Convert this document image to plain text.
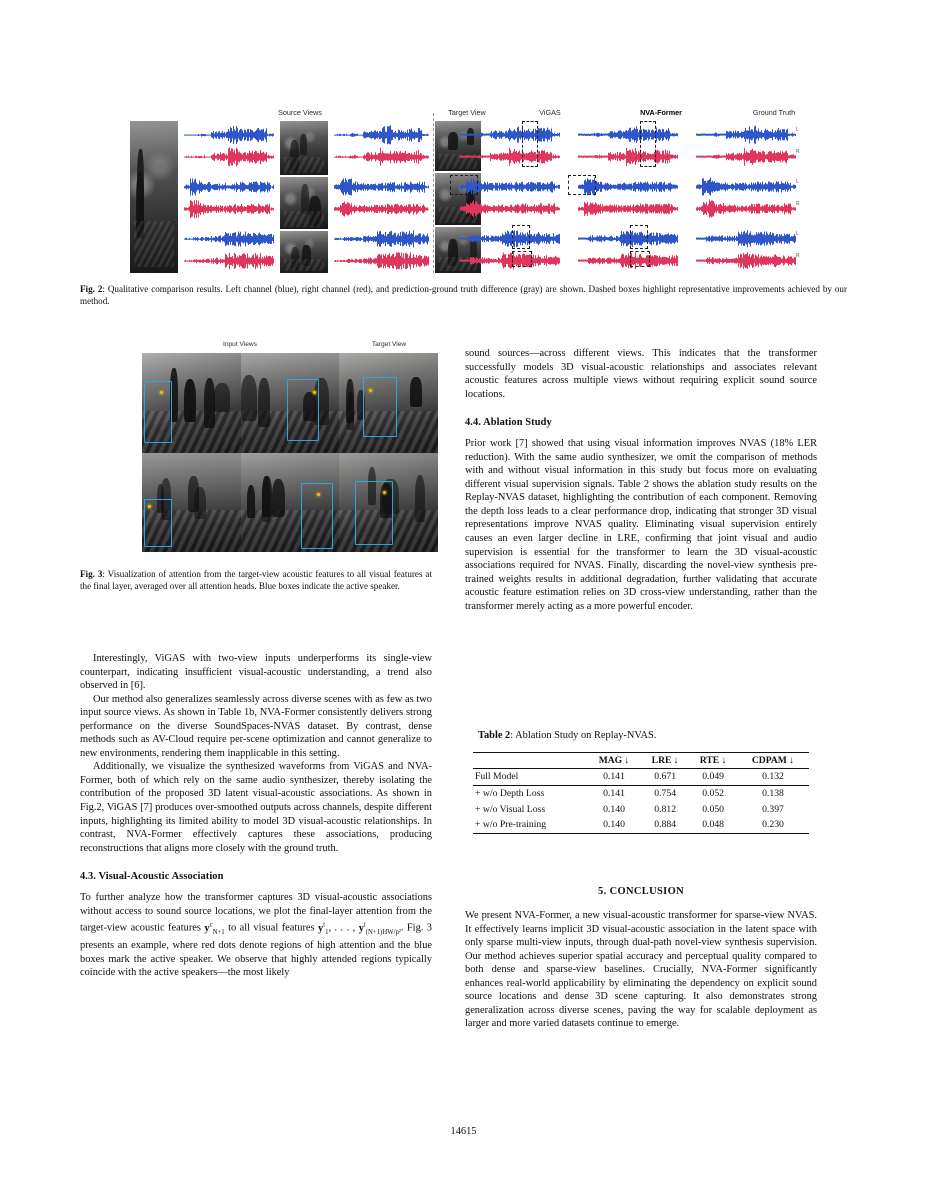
Source Views	Target View	ViGAS	NVA-Former	Ground Truth
L
R
L
R
L
R
Fig. 2: Qualitative comparison results. Left channel (blue), right channel (red), and prediction-ground truth difference (gray) are shown. Dashed boxes highlight representative improvements achieved by our method.
Input Views	Target View
Fig. 3: Visualization of attention from the target-view acoustic features to all visual features at the final layer, averaged over all attention heads. Blue boxes indicate the active speaker.

Interestingly, ViGAS with two-view inputs underperforms its single-view counterpart, indicating insufficient visual-acoustic understanding, a trend also observed in [6].

Our method also generalizes seamlessly across diverse scenes with as few as two input source views. As shown in Table 1b, NVA-Former consistently delivers strong performance on the diverse SoundSpaces-NVAS dataset. By contrast, dense methods such as AV-Cloud require per-scene optimization and cannot generalize to new environments, rendering them inapplicable in this setting.

Additionally, we visualize the synthesized waveforms from ViGAS and NVA-Former, both of which rely on the same audio synthesizer, thereby isolating the contribution of the proposed 3D latent visual-acoustic associations. As shown in Fig.2, ViGAS [7] produces over-smoothed outputs across channels, despite different inputs, highlighting its limited ability to model 3D visual-acoustic relationships. In contrast, NVA-Former effectively captures these associations, producing reconstructions that aligns more closely with the ground truth.

4.3. Visual-Acoustic Association

To further analyze how the transformer captures 3D visual-acoustic associations without access to sound source locations, we plot the final-layer attention from the target-view acoustic features $y^c_{N+1}$ to all visual features $y^t_1$, . . . , $y^t_{(N+1)HW/p^2}$. Fig. 3 presents an example, where red dots denote regions of high attention and the blue boxes mark the active speaker. We observe that highly attended regions typically coincide with the active speakers—the most likely

sound sources—across different views. This indicates that the transformer successfully models 3D visual-acoustic relationships and associates relevant acoustic features across multiple views without requiring explicit sound source locations.

4.4. Ablation Study

Prior work [7] showed that using visual information improves NVAS (18% LER reduction). With the same audio synthesizer, we omit the comparison of methods with and without visual information in this study but focus more on evaluating different visual supervision signals. Table 2 shows the ablation study results on the Replay-NVAS dataset, highlighting the contribution of each component. Removing the depth loss leads to a clear performance drop, indicating that stronger 3D visual representations improve NVAS quality. Eliminating visual supervision entirely causes an even larger decline in LRE, confirming that joint visual and audio supervision is essential for the transformer to learn the 3D visual-acoustic associations required for NVAS. Finally, discarding the novel-view synthesis pre-trained weights results in additional degradation, further validating that accurate acoustic feature estimation relies on 3D cross-view understanding, rather than the transformer merely acting as a more powerful encoder.

Table 2: Ablation Study on Replay-NVAS.

	MAG ↓	LRE ↓	RTE ↓	CDPAM ↓
Full Model	0.141	0.671	0.049	0.132
+ w/o Depth Loss	0.141	0.754	0.052	0.138
+ w/o Visual Loss	0.140	0.812	0.050	0.397
+ w/o Pre-training	0.140	0.884	0.048	0.230
5. CONCLUSION

We present NVA-Former, a new visual-acoustic transformer for sparse-view NVAS. It effectively learns implicit 3D visual-acoustic association in the latent space with only sparse multi-view inputs, through dual-path novel-view synthesis supervision. Our method achieves superior spatial accuracy and perceptual quality compared to both dense and sparse-view baselines. Crucially, NVA-Former significantly enhances real-world applicability by eliminating the dependency on explicit sound source locations and dense 3D scene capturing. It also demonstrates strong generalization across diverse scenes, paving the way for scalable deployment as larger and more varied datasets continue to emerge.

14615
